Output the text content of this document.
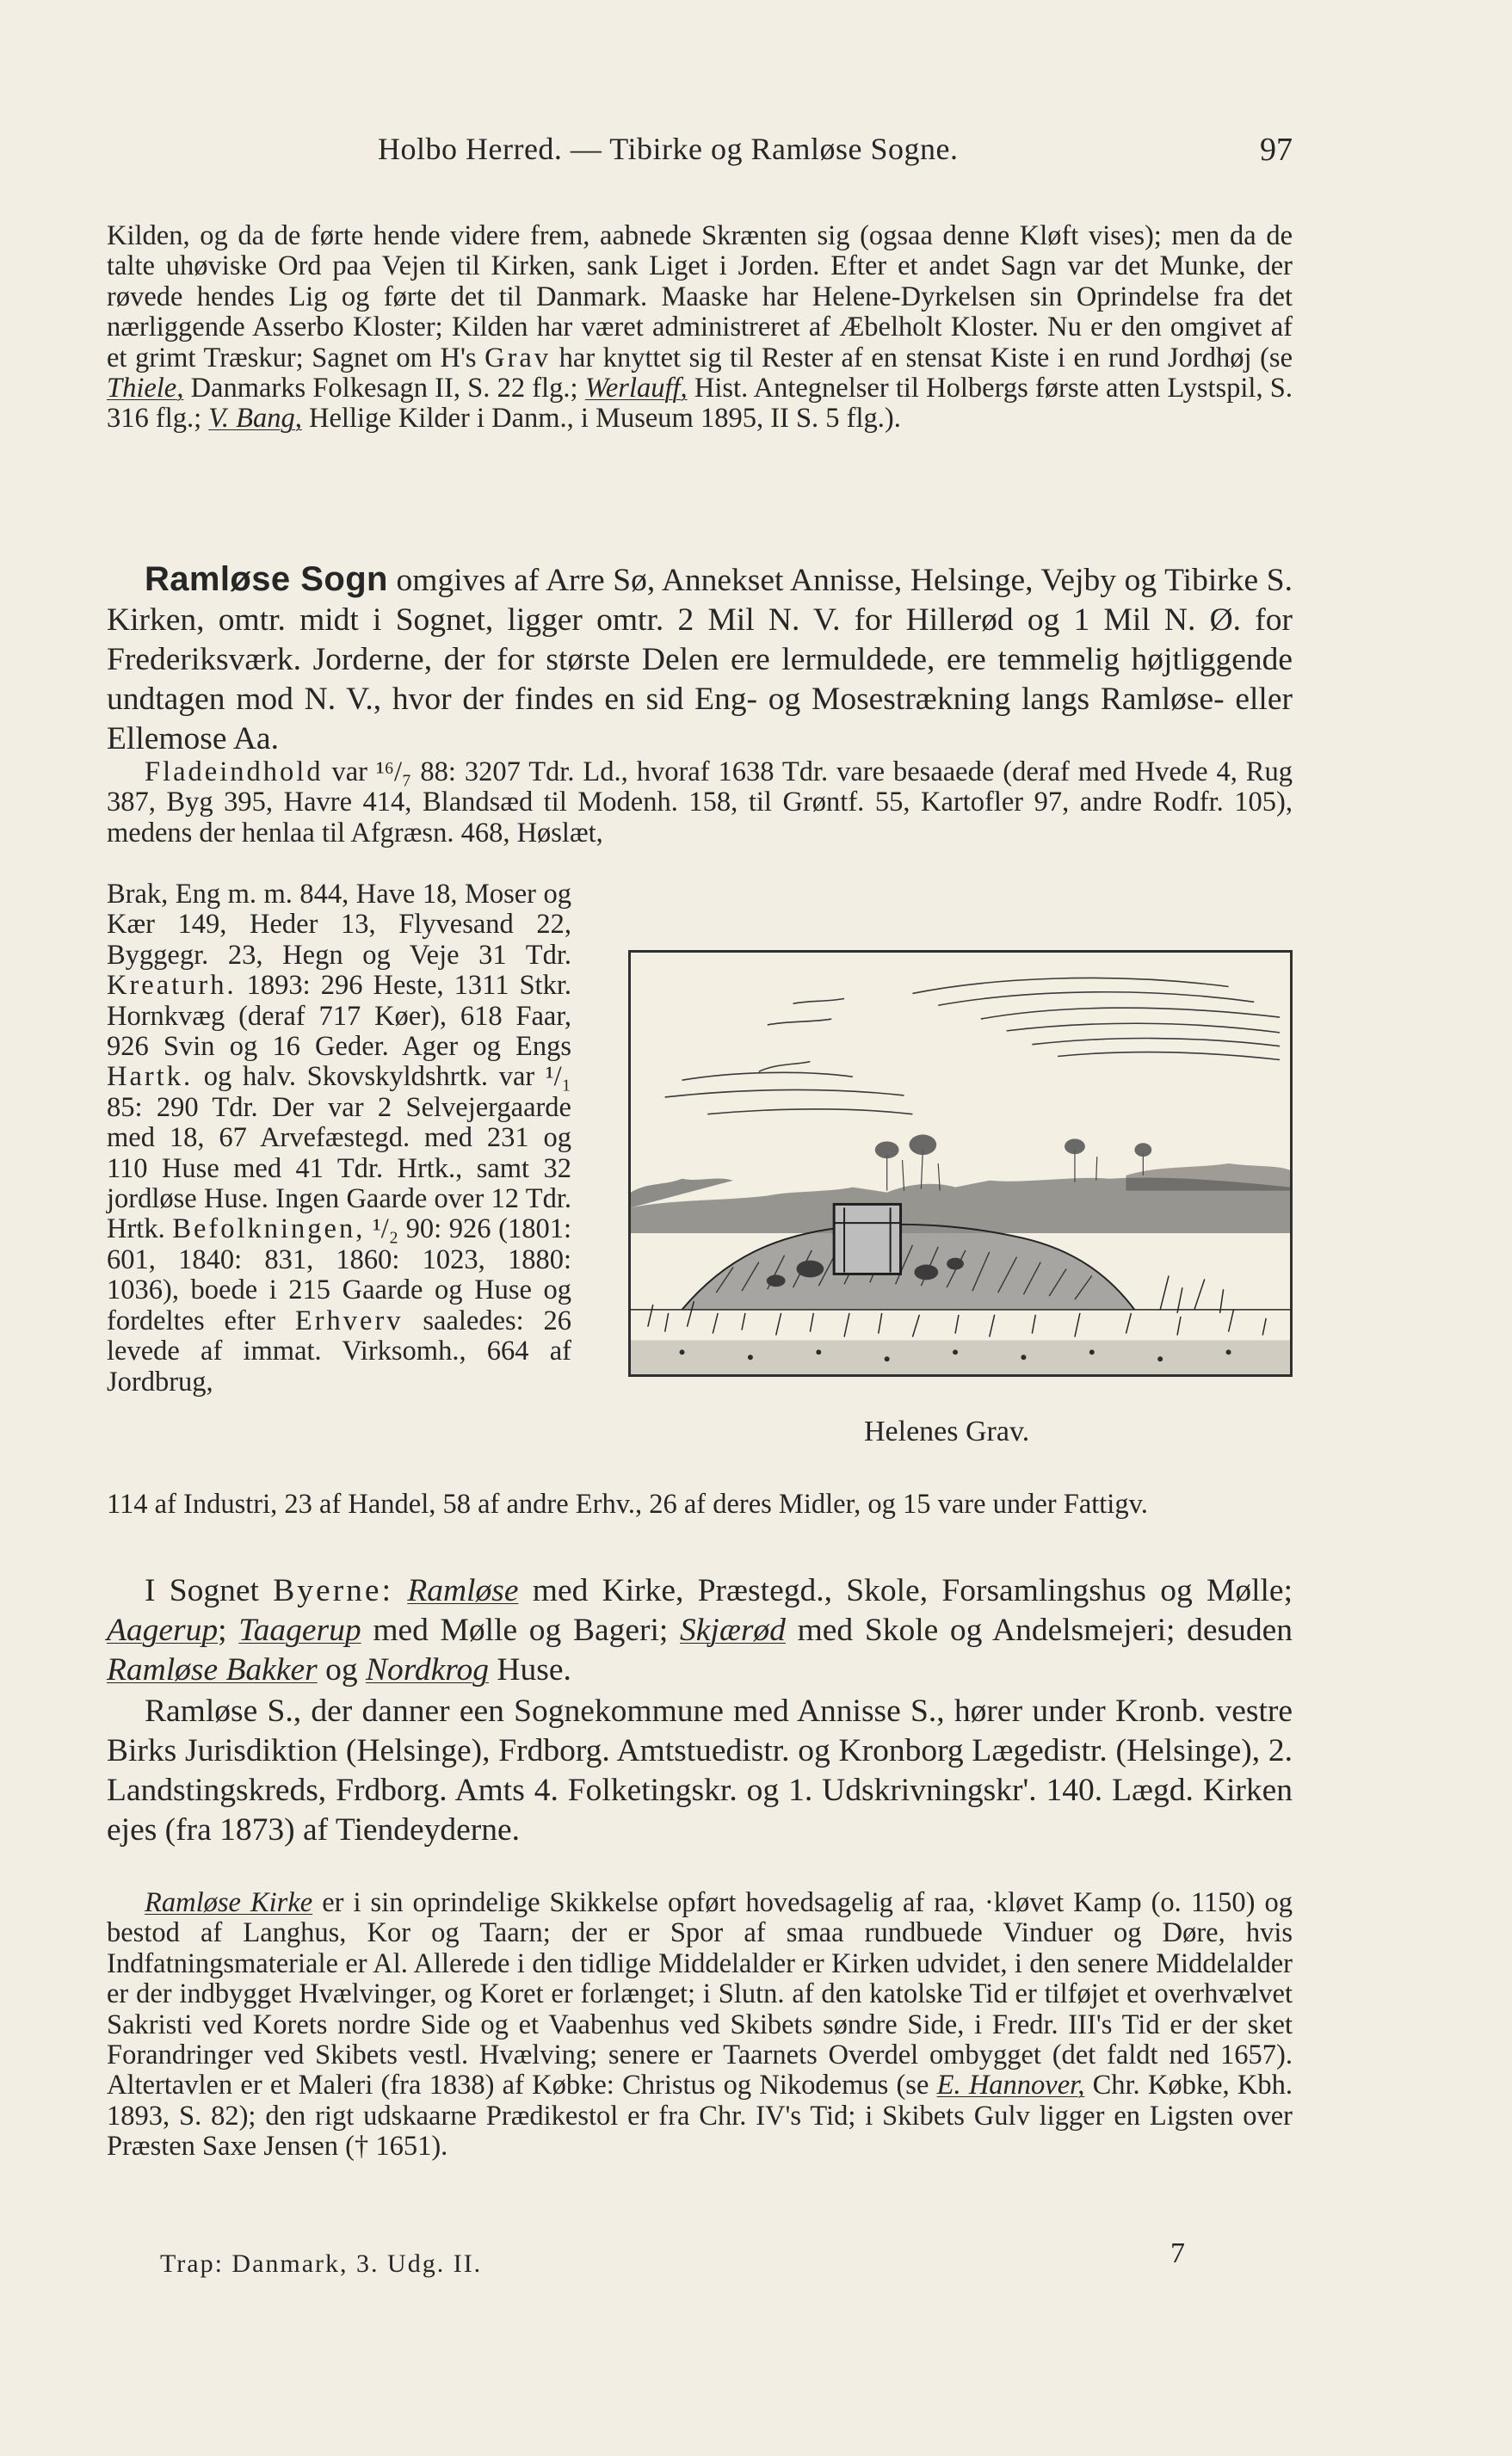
Holbo Herred. — Tibirke og Ramløse Sogne.	97

Kilden, og da de førte hende videre frem, aabnede Skrænten sig (ogsaa denne Kløft vises); men da de talte uhøviske Ord paa Vejen til Kirken, sank Liget i Jorden. Efter et andet Sagn var det Munke, der røvede hendes Lig og førte det til Danmark. Maaske har Helene-Dyrkelsen sin Oprindelse fra det nærliggende Asserbo Kloster; Kilden har været administreret af Æbelholt Kloster. Nu er den omgivet af et grimt Træskur; Sagnet om H's Grav har knyttet sig til Rester af en stensat Kiste i en rund Jordhøj (se Thiele, Danmarks Folkesagn II, S. 22 flg.; Werlauff, Hist. Antegnelser til Holbergs første atten Lystspil, S. 316 flg.; V. Bang, Hellige Kilder i Danm., i Museum 1895, II S. 5 flg.).

Ramløse Sogn omgives af Arre Sø, Annekset Annisse, Helsinge, Vejby og Tibirke S. Kirken, omtr. midt i Sognet, ligger omtr. 2 Mil N. V. for Hillerød og 1 Mil N. Ø. for Frederiksværk. Jorderne, der for største Delen ere lermuldede, ere temmelig højtliggende undtagen mod N. V., hvor der findes en sid Eng- og Mosestrækning langs Ramløse- eller Ellemose Aa.

Fladeindhold var ¹⁶/₇ 88: 3207 Tdr. Ld., hvoraf 1638 Tdr. vare besaaede (deraf med Hvede 4, Rug 387, Byg 395, Havre 414, Blandsæd til Modenh. 158, til Grøntf. 55, Kartofler 97, andre Rodfr. 105), medens der henlaa til Afgræsn. 468, Høslæt,

Brak, Eng m. m. 844, Have 18, Moser og Kær 149, Heder 13, Flyvesand 22, Byggegr. 23, Hegn og Veje 31 Tdr. Kreaturh. 1893: 296 Heste, 1311 Stkr. Hornkvæg (deraf 717 Køer), 618 Faar, 926 Svin og 16 Geder. Ager og Engs Hartk. og halv. Skovskyldshrtk. var ¹/₁ 85: 290 Tdr. Der var 2 Selvejergaarde med 18, 67 Arvefæstegd. med 231 og 110 Huse med 41 Tdr. Hrtk., samt 32 jordløse Huse. Ingen Gaarde over 12 Tdr. Hrtk. Befolkningen, ¹/₂ 90: 926 (1801: 601, 1840: 831, 1860: 1023, 1880: 1036), boede i 215 Gaarde og Huse og fordeltes efter Erhverv saaledes: 26 levede af immat. Virksomh., 664 af Jordbrug,

Helenes Grav.

114 af Industri, 23 af Handel, 58 af andre Erhv., 26 af deres Midler, og 15 vare under Fattigv.

I Sognet Byerne: Ramløse med Kirke, Præstegd., Skole, Forsamlingshus og Mølle; Aagerup; Taagerup med Mølle og Bageri; Skjærød med Skole og Andelsmejeri; desuden Ramløse Bakker og Nordkrog Huse.

Ramløse S., der danner een Sognekommune med Annisse S., hører under Kronb. vestre Birks Jurisdiktion (Helsinge), Frdborg. Amtstuedistr. og Kronborg Lægedistr. (Helsinge), 2. Landstingskreds, Frdborg. Amts 4. Folketingskr. og 1. Udskrivningskr'. 140. Lægd. Kirken ejes (fra 1873) af Tiendeyderne.

Ramløse Kirke er i sin oprindelige Skikkelse opført hovedsagelig af raa, ·kløvet Kamp (o. 1150) og bestod af Langhus, Kor og Taarn; der er Spor af smaa rundbuede Vinduer og Døre, hvis Indfatningsmateriale er Al. Allerede i den tidlige Middelalder er Kirken udvidet, i den senere Middelalder er der indbygget Hvælvinger, og Koret er forlænget; i Slutn. af den katolske Tid er tilføjet et overhvælvet Sakristi ved Korets nordre Side og et Vaabenhus ved Skibets søndre Side, i Fredr. III's Tid er der sket Forandringer ved Skibets vestl. Hvælving; senere er Taarnets Overdel ombygget (det faldt ned 1657). Altertavlen er et Maleri (fra 1838) af Købke: Christus og Nikodemus (se E. Hannover, Chr. Købke, Kbh. 1893, S. 82); den rigt udskaarne Prædikestol er fra Chr. IV's Tid; i Skibets Gulv ligger en Ligsten over Præsten Saxe Jensen († 1651).

Trap: Danmark, 3. Udg. II.	7
